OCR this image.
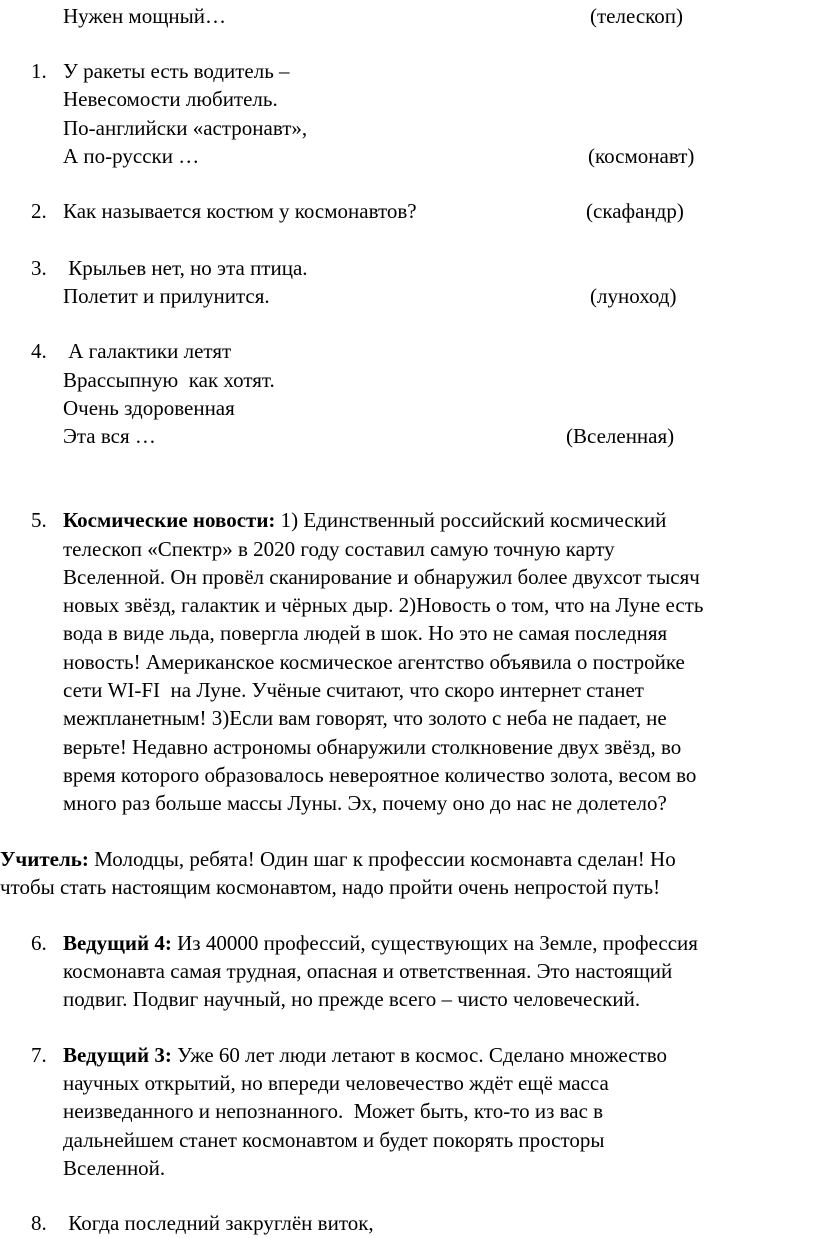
Нужен мощный…	(телескоп)
1. У ракеты есть водитель –
Невесомости любитель.
По-английски «астронавт»,
А по-русски …	(космонавт)
2. Как называется костюм у космонавтов?	(скафандр)
3. Крыльев нет, но эта птица.
Полетит и прилунится.	(луноход)
4. А галактики летят
Врассыпную  как хотят.
Очень здоровенная
Эта вся …	(Вселенная)
5. Космические новости: 1) Единственный российский космический
телескоп «Спектр» в 2020 году составил самую точную карту
Вселенной. Он провёл сканирование и обнаружил более двухсот тысяч
новых звёзд, галактик и чёрных дыр. 2)Новость о том, что на Луне есть
вода в виде льда, повергла людей в шок. Но это не самая последняя
новость! Американское космическое агентство объявила о постройке
сети WI-FI  на Луне. Учёные считают, что скоро интернет станет
межпланетным! 3)Если вам говорят, что золото с неба не падает, не
верьте! Недавно астрономы обнаружили столкновение двух звёзд, во
время которого образовалось невероятное количество золота, весом во
много раз больше массы Луны. Эх, почему оно до нас не долетело?
Учитель: Молодцы, ребята! Один шаг к профессии космонавта сделан! Но
чтобы стать настоящим космонавтом, надо пройти очень непростой путь!
6. Ведущий 4: Из 40000 профессий, существующих на Земле, профессия
космонавта самая трудная, опасная и ответственная. Это настоящий
подвиг. Подвиг научный, но прежде всего – чисто человеческий.
7. Ведущий 3: Уже 60 лет люди летают в космос. Сделано множество
научных открытий, но впереди человечество ждёт ещё масса
неизведанного и непознанного.  Может быть, кто-то из вас в
дальнейшем станет космонавтом и будет покорять просторы
Вселенной.
8. Когда последний закруглён виток,
